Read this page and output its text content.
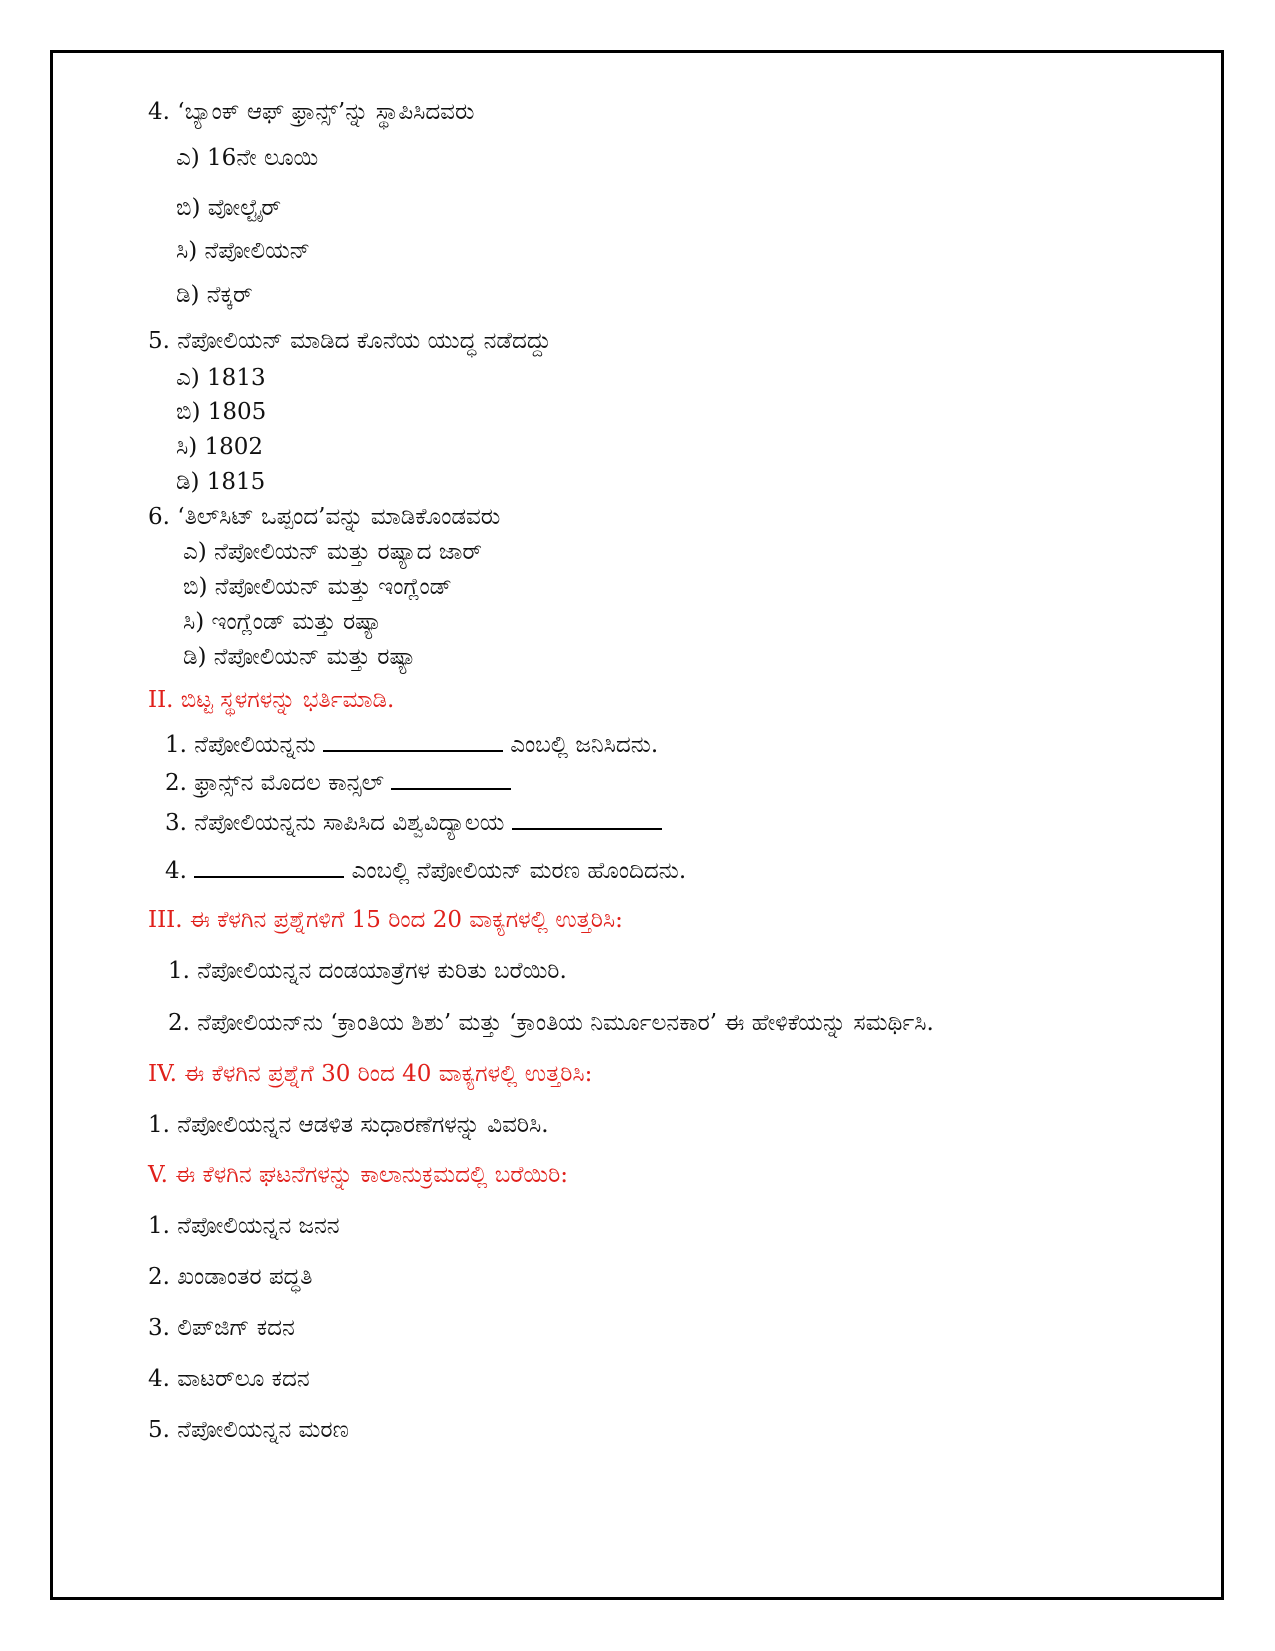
4. ‘ಬ್ಯಾಂಕ್ ಆಫ್ ಫ್ರಾನ್ಸ್’ನ್ನು ಸ್ಥಾಪಿಸಿದವರು
ಎ) 16ನೇ ಲೂಯಿ
ಬಿ) ವೋಲ್ಟೈರ್
ಸಿ) ನೆಪೋಲಿಯನ್
ಡಿ) ನೆಕ್ಕರ್
5. ನೆಪೋಲಿಯನ್ ಮಾಡಿದ ಕೊನೆಯ ಯುದ್ಧ ನಡೆದದ್ದು
ಎ) 1813
ಬಿ) 1805
ಸಿ) 1802
ಡಿ) 1815
6. ‘ತಿಲ್‌ಸಿಟ್ ಒಪ್ಪಂದ’ವನ್ನು ಮಾಡಿಕೊಂಡವರು
ಎ) ನೆಪೋಲಿಯನ್ ಮತ್ತು ರಷ್ಯಾದ ಜಾರ್
ಬಿ) ನೆಪೋಲಿಯನ್ ಮತ್ತು ಇಂಗ್ಲೆಂಡ್
ಸಿ) ಇಂಗ್ಲೆಂಡ್ ಮತ್ತು ರಷ್ಯಾ
ಡಿ) ನೆಪೋಲಿಯನ್ ಮತ್ತು ರಷ್ಯಾ
II. ಬಿಟ್ಟ ಸ್ಥಳಗಳನ್ನು ಭರ್ತಿಮಾಡಿ.
1. ನೆಪೋಲಿಯನ್ನನು	ಎಂಬಲ್ಲಿ ಜನಿಸಿದನು.
2. ಫ್ರಾನ್ಸ್‌ನ ಮೊದಲ ಕಾನ್ಸಲ್
3. ನೆಪೋಲಿಯನ್ನನು ಸಾಪಿಸಿದ ವಿಶ್ವವಿದ್ಯಾಲಯ
4.	ಎಂಬಲ್ಲಿ ನೆಪೋಲಿಯನ್ ಮರಣ ಹೊಂದಿದನು.
III. ಈ ಕೆಳಗಿನ ಪ್ರಶ್ನೆಗಳಿಗೆ 15 ರಿಂದ 20 ವಾಕ್ಯಗಳಲ್ಲಿ ಉತ್ತರಿಸಿ:
1. ನೆಪೋಲಿಯನ್ನನ ದಂಡಯಾತ್ರೆಗಳ ಕುರಿತು ಬರೆಯಿರಿ.
2. ನೆಪೋಲಿಯನ್‌ನು ‘ಕ್ರಾಂತಿಯ ಶಿಶು’ ಮತ್ತು ‘ಕ್ರಾಂತಿಯ ನಿರ್ಮೂಲನಕಾರ’ ಈ ಹೇಳಿಕೆಯನ್ನು ಸಮರ್ಥಿಸಿ.
IV. ಈ ಕೆಳಗಿನ ಪ್ರಶ್ನೆಗೆ 30 ರಿಂದ 40 ವಾಕ್ಯಗಳಲ್ಲಿ ಉತ್ತರಿಸಿ:
1. ನೆಪೋಲಿಯನ್ನನ ಆಡಳಿತ ಸುಧಾರಣೆಗಳನ್ನು ವಿವರಿಸಿ.
V. ಈ ಕೆಳಗಿನ ಘಟನೆಗಳನ್ನು ಕಾಲಾನುಕ್ರಮದಲ್ಲಿ ಬರೆಯಿರಿ:
1. ನೆಪೋಲಿಯನ್ನನ ಜನನ
2. ಖಂಡಾಂತರ ಪದ್ಧತಿ
3. ಲಿಪ್‌ಜಿಗ್ ಕದನ
4. ವಾಟರ್‌ಲೂ ಕದನ
5. ನೆಪೋಲಿಯನ್ನನ ಮರಣ
